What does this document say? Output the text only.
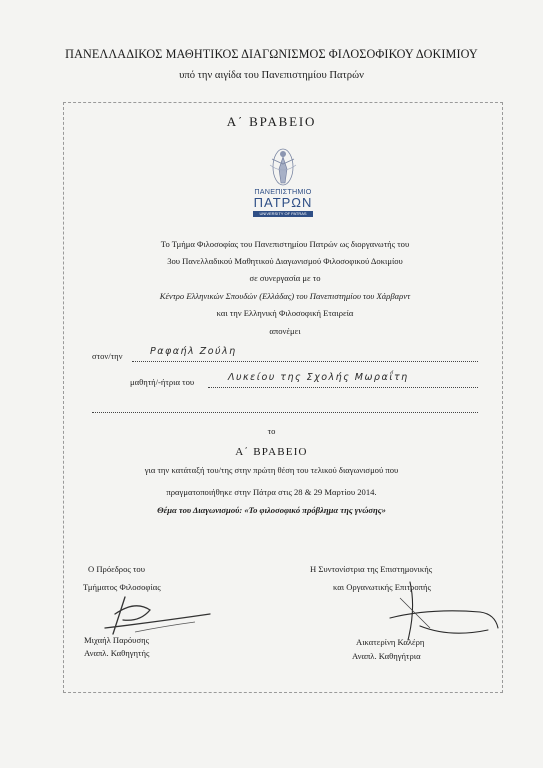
ΠΑΝΕΛΛΑΔΙΚΟΣ ΜΑΘΗΤΙΚΟΣ ΔΙΑΓΩΝΙΣΜΟΣ ΦΙΛΟΣΟΦΙΚΟΥ ΔΟΚΙΜΙΟΥ
υπό την αιγίδα του Πανεπιστημίου Πατρών
Α΄ ΒΡΑΒΕΙΟ
ΠΑΝΕΠΙΣΤΗΜΙΟ
ΠΑΤΡΩΝ
UNIVERSITY OF PATRAS
Το Τμήμα Φιλοσοφίας του Πανεπιστημίου Πατρών ως διοργανωτής του
3ου Πανελλαδικού Μαθητικού Διαγωνισμού Φιλοσοφικού Δοκιμίου
σε συνεργασία με το
Κέντρο Ελληνικών Σπουδών (Ελλάδας) του Πανεπιστημίου του Χάρβαρντ
και την Ελληνική Φιλοσοφική Εταιρεία
απονέμει
στον/την	Ραφαήλ Ζούλη
μαθητή/-ήτρια του	Λυκείου της Σχολής Μωραΐτη
το
Α΄ ΒΡΑΒΕΙΟ
για την κατάταξή του/της στην πρώτη θέση του τελικού διαγωνισμού που
πραγματοποιήθηκε στην Πάτρα στις 28 & 29 Μαρτίου 2014.
Θέμα του Διαγωνισμού: «Το φιλοσοφικό πρόβλημα της γνώσης»
Ο Πρόεδρος του
Τμήματος Φιλοσοφίας
Μιχαήλ Παρόυσης
Αναπλ. Καθηγητής
Η Συντονίστρια της Επιστημονικής
και Οργανωτικής Επιτροπής
Αικατερίνη Καλέρη
Αναπλ. Καθηγήτρια
